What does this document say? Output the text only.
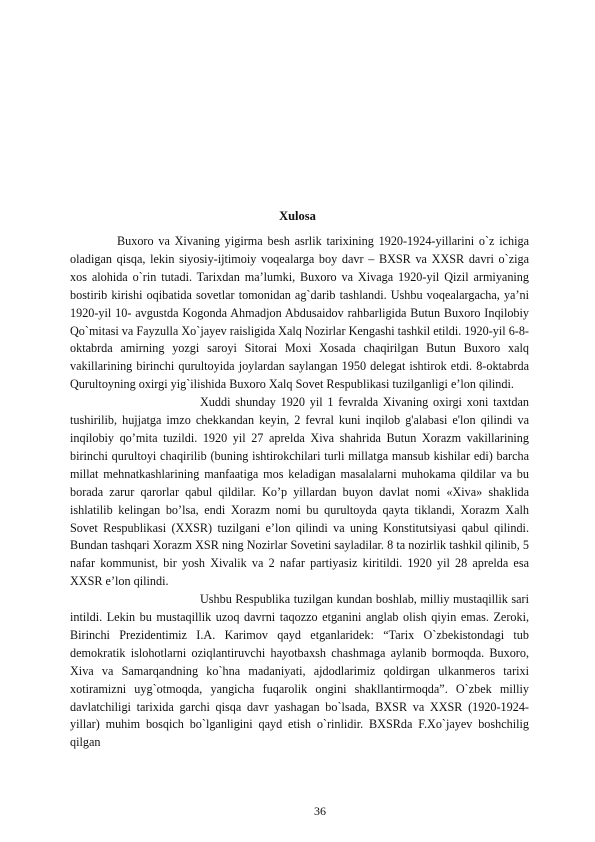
Xulosa

Buxoro va Xivaning yigirma besh asrlik tarixining 1920-1924-yillarini o`z ichiga oladigan qisqa, lekin siyosiy-ijtimoiy voqealarga boy davr – BXSR va XXSR davri o`ziga xos alohida o`rin tutadi. Tarixdan ma’lumki, Buxoro va Xivaga 1920-yil Qizil armiyaning bostirib kirishi oqibatida sovetlar tomonidan ag`darib tashlandi. Ushbu voqealargacha, ya’ni 1920-yil 10- avgustda Kogonda Ahmadjon Abdusaidov rahbarligida Butun Buxoro Inqilobiy Qo`mitasi va Fayzulla Xo`jayev raisligida Xalq Nozirlar Kengashi tashkil etildi. 1920-yil 6-8-oktabrda amirning yozgi saroyi Sitorai Moxi Xosada chaqirilgan Butun Buxoro xalq vakillarining birinchi qurultoyida joylardan saylangan 1950 delegat ishtirok etdi. 8-oktabrda Qurultoyning oxirgi yig`ilishida Buxoro Xalq Sovet Respublikasi tuzilganligi e’lon qilindi.

Xuddi shunday 1920 yil 1 fevralda Xivaning oxirgi xoni taxtdan tushirilib, hujjatga imzo chekkandan keyin, 2 fevral kuni inqilob g'alabasi e'lon qilindi va inqilobiy qo’mita tuzildi. 1920 yil 27 aprelda Xiva shahrida Butun Xorazm vakillarining birinchi qurultoyi chaqirilib (buning ishtirokchilari turli millatga mansub kishilar edi) barcha millat mehnatkashlarining manfaatiga mos keladigan masalalarni muhokama qildilar va bu borada zarur qarorlar qabul qildilar. Ko’p yillardan buyon davlat nomi «Xiva» shaklida ishlatilib kelingan bo’lsa, endi Xorazm nomi bu qurultoyda qayta tiklandi, Xorazm Xalh Sovet Respublikasi (XXSR) tuzilgani e’lon qilindi va uning Konstitutsiyasi qabul qilindi. Bundan tashqari Xorazm XSR ning Nozirlar Sovetini sayladilar. 8 ta nozirlik tashkil qilinib, 5 nafar kommunist, bir yosh Xivalik va 2 nafar partiyasiz kiritildi. 1920 yil 28 aprelda esa XXSR e’lon qilindi.

Ushbu Respublika tuzilgan kundan boshlab, milliy mustaqillik sari intildi. Lekin bu mustaqillik uzoq davrni taqozzo etganini anglab olish qiyin emas. Zeroki, Birinchi Prezidentimiz I.A. Karimov qayd etganlaridek: “Tarix O`zbekistondagi tub demokratik islohotlarni oziqlantiruvchi hayotbaxsh chashmaga aylanib bormoqda. Buxoro, Xiva va Samarqandning ko`hna madaniyati, ajdodlarimiz qoldirgan ulkanmeros tarixi xotiramizni uyg`otmoqda, yangicha fuqarolik ongini shakllantirmoqda”. O`zbek milliy davlatchiligi tarixida garchi qisqa davr yashagan bo`lsada, BXSR va XXSR (1920-1924-yillar) muhim bosqich bo`lganligini qayd etish o`rinlidir. BXSRda F.Xo`jayev boshchilig qilgan

36
